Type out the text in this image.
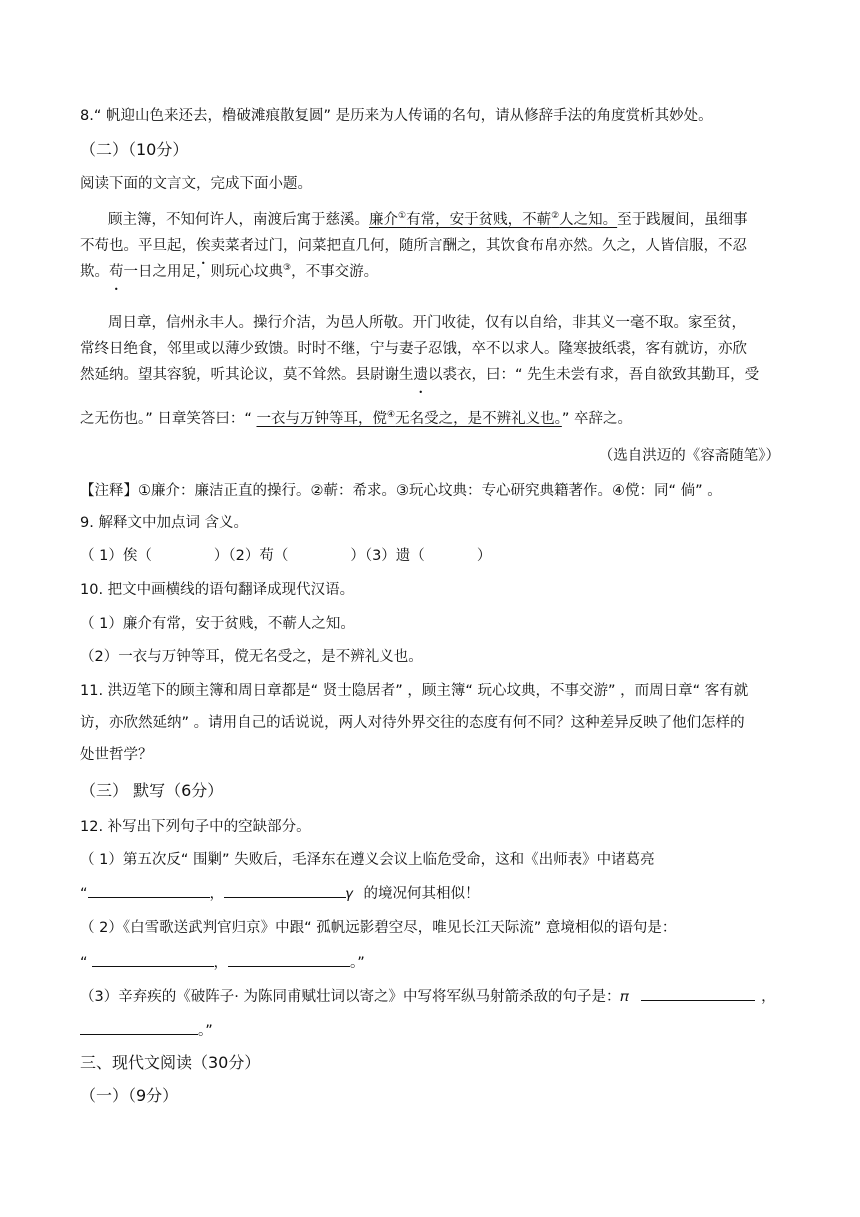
8.“ 帆迎山色来还去，橹破滩痕散复圆” 是历来为人传诵的名句，请从修辞手法的角度赏析其妙处。
（二）（10分）
阅读下面的文言文，完成下面小题。
顾主簿，不知何许人，南渡后寓于慈溪。廉介①有常，安于贫贱，不蕲②人之知。至于践履间，虽细事
不苟也。平旦起，俟卖菜者过门，问菜把直几何，随所言酬之，其饮食布帛亦然。久之，人皆信服，不忍
欺。苟一日之用足，则玩心坟典③，不事交游。
周日章，信州永丰人。操行介洁，为邑人所敬。开门收徒，仅有以自给，非其义一毫不取。家至贫，
常终日绝食，邻里或以薄少致馈。时时不继，宁与妻子忍饿，卒不以求人。隆寒披纸裘，客有就访，亦欣
然延纳。望其容貌，听其论议，莫不耸然。县尉谢生遗以裘衣，曰：“ 先生未尝有求，吾自欲致其勤耳，受
之无伤也。” 日章笑答曰：“ 一衣与万钟等耳，傥④无名受之，是不辨礼义也。” 卒辞之。
（选自洪迈的《容斋随笔》）
【注释】①廉介：廉洁正直的操行。②蕲：希求。③玩心坟典：专心研究典籍著作。④傥：同“ 倘” 。
9. 解释文中加点词 含义。
（ 1）俟（	）（2）苟（	）（3）遗（	）
10. 把文中画横线的语句翻译成现代汉语。
（ 1）廉介有常，安于贫贱，不蕲人之知。
（2）一衣与万钟等耳，傥无名受之，是不辨礼义也。
11. 洪迈笔下的顾主簿和周日章都是“ 贤士隐居者” ，顾主簿“ 玩心坟典，不事交游” ，而周日章“ 客有就
访，亦欣然延纳” 。请用自己的话说说，两人对待外界交往的态度有何不同？这种差异反映了他们怎样的
处世哲学？
（三） 默写（6分）
12. 补写出下列句子中的空缺部分。
（ 1）第五次反“ 围剿” 失败后，毛泽东在遵义会议上临危受命，这和《出师表》中诸葛亮
“	，	𝛾 的境况何其相似！
（ 2）《白雪歌送武判官归京》中跟“ 孤帆远影碧空尽，唯见长江天际流” 意境相似的语句是：
“	，	。”
（3）辛弃疾的《破阵子· 为陈同甫赋壮词以寄之》中写将军纵马射箭杀敌的句子是：𝜋	，
。”
三、现代文阅读（30分）
（一）（9分）
